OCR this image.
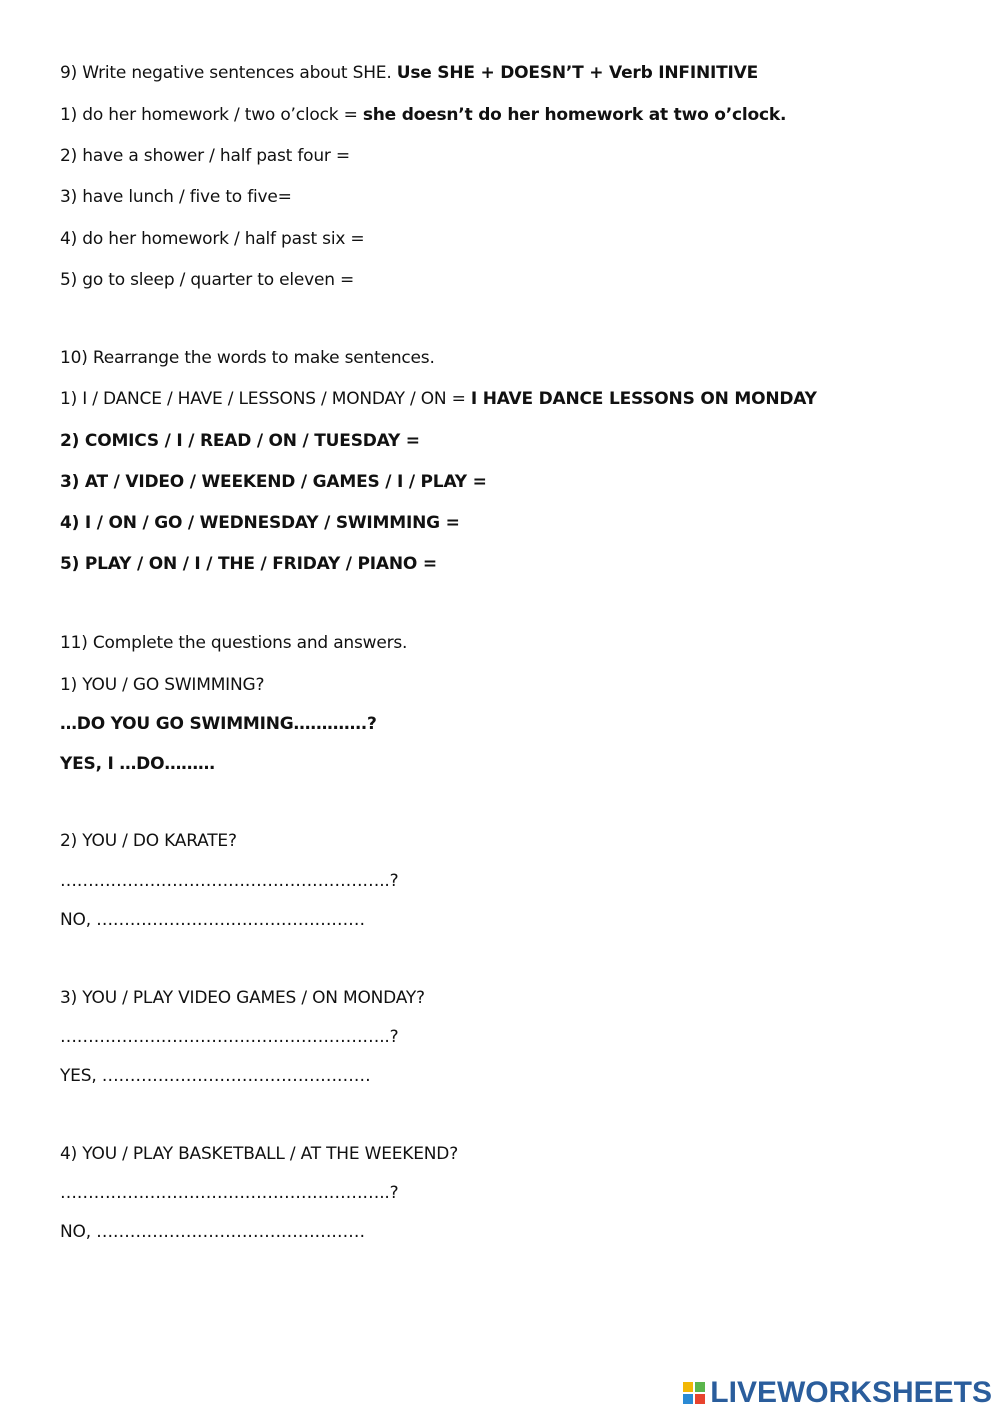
9) Write negative sentences about SHE. Use SHE + DOESN’T + Verb INFINITIVE

1) do her homework / two o’clock = she doesn’t do her homework at two o’clock.

2) have a shower / half past four =

3) have lunch / five to five=

4) do her homework / half past six =

5) go to sleep / quarter to eleven =

10) Rearrange the words to make sentences.

1) I / DANCE / HAVE / LESSONS / MONDAY / ON = I HAVE DANCE LESSONS ON MONDAY

2) COMICS / I / READ / ON / TUESDAY =

3) AT / VIDEO / WEEKEND / GAMES / I / PLAY =

4) I / ON / GO / WEDNESDAY / SWIMMING =

5) PLAY / ON / I / THE / FRIDAY / PIANO =

11) Complete the questions and answers.

1) YOU / GO SWIMMING?

…DO YOU GO SWIMMING………….?

YES, I …DO………

2) YOU / DO KARATE?

…………………………………………………..?

NO, …………………………………………

3) YOU / PLAY VIDEO GAMES / ON MONDAY?

…………………………………………………..?

YES, …………………………………………

4) YOU / PLAY BASKETBALL / AT THE WEEKEND?

…………………………………………………..?

NO, …………………………………………

LIVEWORKSHEETS
